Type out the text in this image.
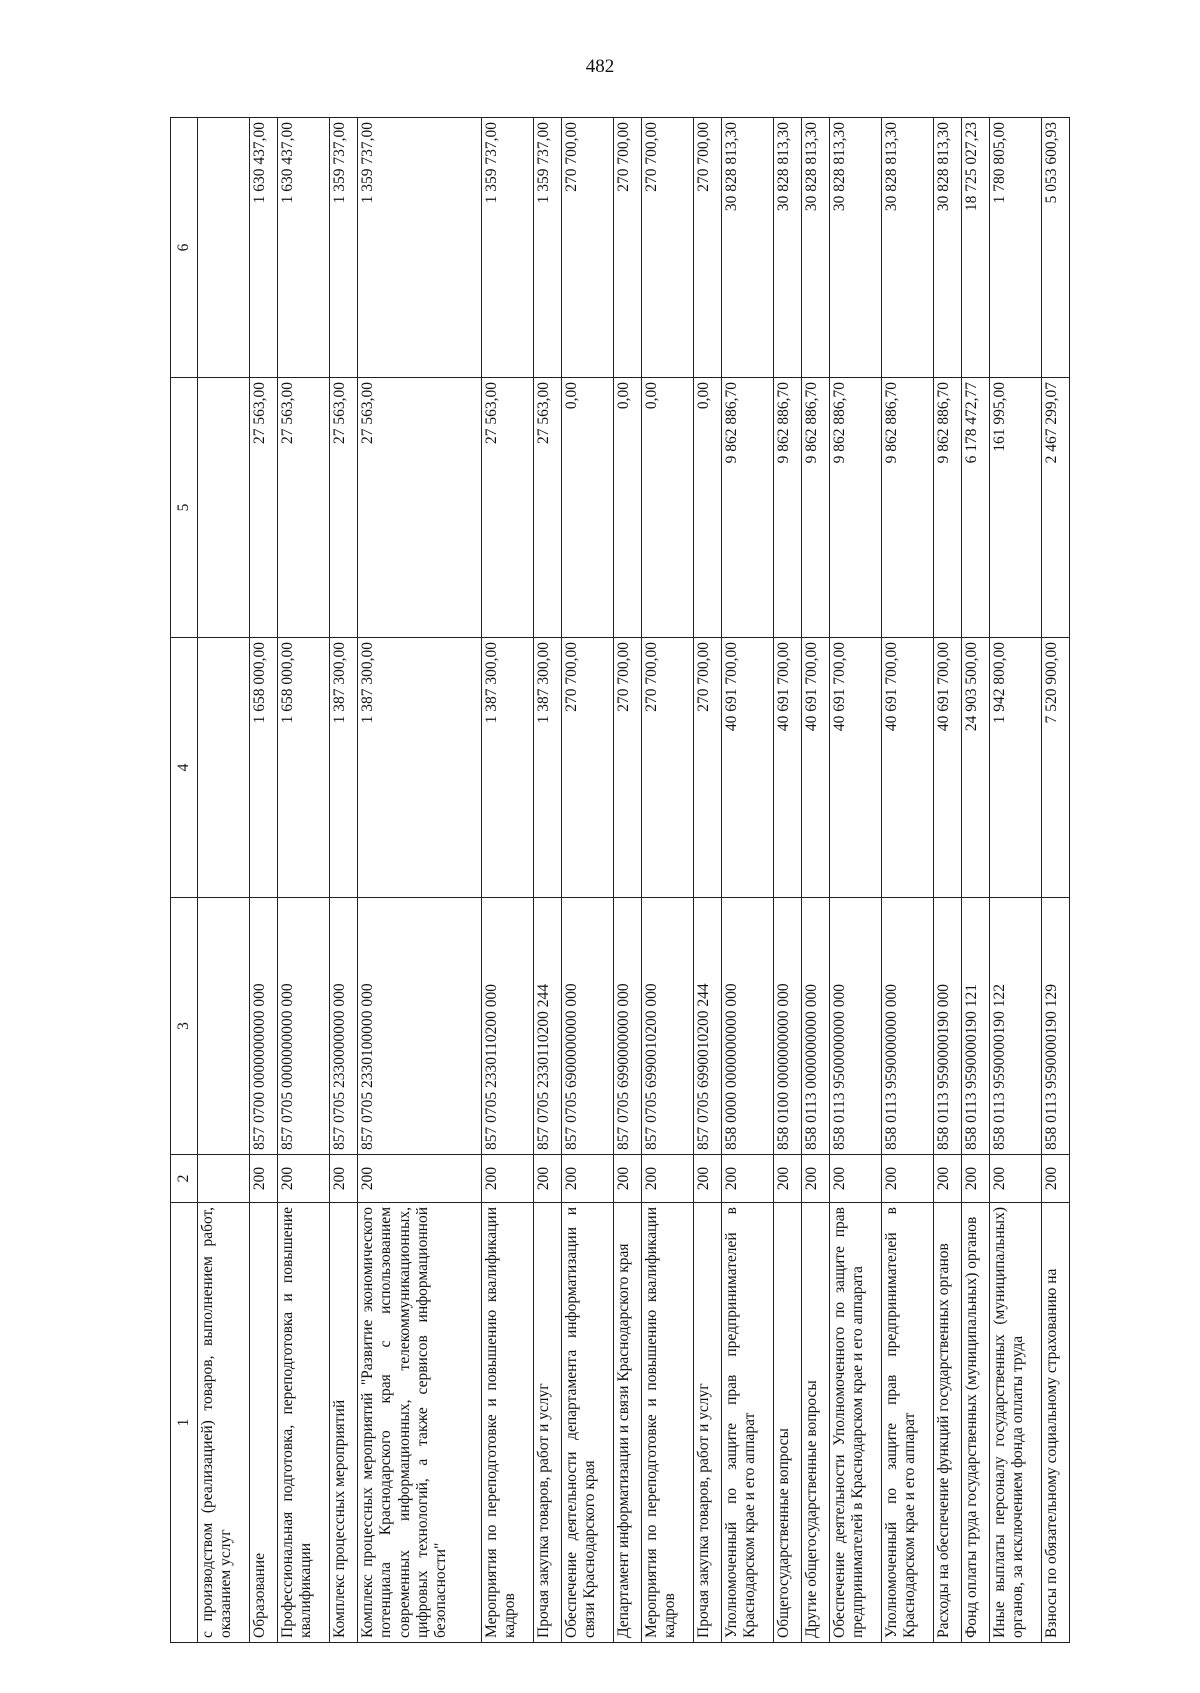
482
1	2	3	4	5	6
с производством (реализацией) товаров, выполнением работ, оказанием услуг					
Образование	200	857 0700 0000000000 000	1 658 000,00	27 563,00	1 630 437,00
Профессиональная подготовка, переподготовка и повышение квалификации	200	857 0705 0000000000 000	1 658 000,00	27 563,00	1 630 437,00
Комплекс процессных мероприятий	200	857 0705 2330000000 000	1 387 300,00	27 563,00	1 359 737,00
Комплекс процессных мероприятий "Развитие экономического потенциала Краснодарского края с использованием современных информационных, телекоммуникационных, цифровых технологий, а также сервисов информационной безопасности"	200	857 0705 2330100000 000	1 387 300,00	27 563,00	1 359 737,00
Мероприятия по переподготовке и повышению квалификации кадров	200	857 0705 2330110200 000	1 387 300,00	27 563,00	1 359 737,00
Прочая закупка товаров, работ и услуг	200	857 0705 2330110200 244	1 387 300,00	27 563,00	1 359 737,00
Обеспечение деятельности департамента информатизации и связи Краснодарского края	200	857 0705 6900000000 000	270 700,00	0,00	270 700,00
Департамент информатизации и связи Краснодарского края	200	857 0705 6990000000 000	270 700,00	0,00	270 700,00
Мероприятия по переподготовке и повышению квалификации кадров	200	857 0705 6990010200 000	270 700,00	0,00	270 700,00
Прочая закупка товаров, работ и услуг	200	857 0705 6990010200 244	270 700,00	0,00	270 700,00
Уполномоченный по защите прав предпринимателей в Краснодарском крае и его аппарат	200	858 0000 0000000000 000	40 691 700,00	9 862 886,70	30 828 813,30
Общегосударственные вопросы	200	858 0100 0000000000 000	40 691 700,00	9 862 886,70	30 828 813,30
Другие общегосударственные вопросы	200	858 0113 0000000000 000	40 691 700,00	9 862 886,70	30 828 813,30
Обеспечение деятельности Уполномоченного по защите прав предпринимателей в Краснодарском крае и его аппарата	200	858 0113 9500000000 000	40 691 700,00	9 862 886,70	30 828 813,30
Уполномоченный по защите прав предпринимателей в Краснодарском крае и его аппарат	200	858 0113 9590000000 000	40 691 700,00	9 862 886,70	30 828 813,30
Расходы на обеспечение функций государственных органов	200	858 0113 9590000190 000	40 691 700,00	9 862 886,70	30 828 813,30
Фонд оплаты труда государственных (муниципальных) органов	200	858 0113 9590000190 121	24 903 500,00	6 178 472,77	18 725 027,23
Иные выплаты персоналу государственных (муниципальных) органов, за исключением фонда оплаты труда	200	858 0113 9590000190 122	1 942 800,00	161 995,00	1 780 805,00
Взносы по обязательному социальному страхованию на	200	858 0113 9590000190 129	7 520 900,00	2 467 299,07	5 053 600,93
